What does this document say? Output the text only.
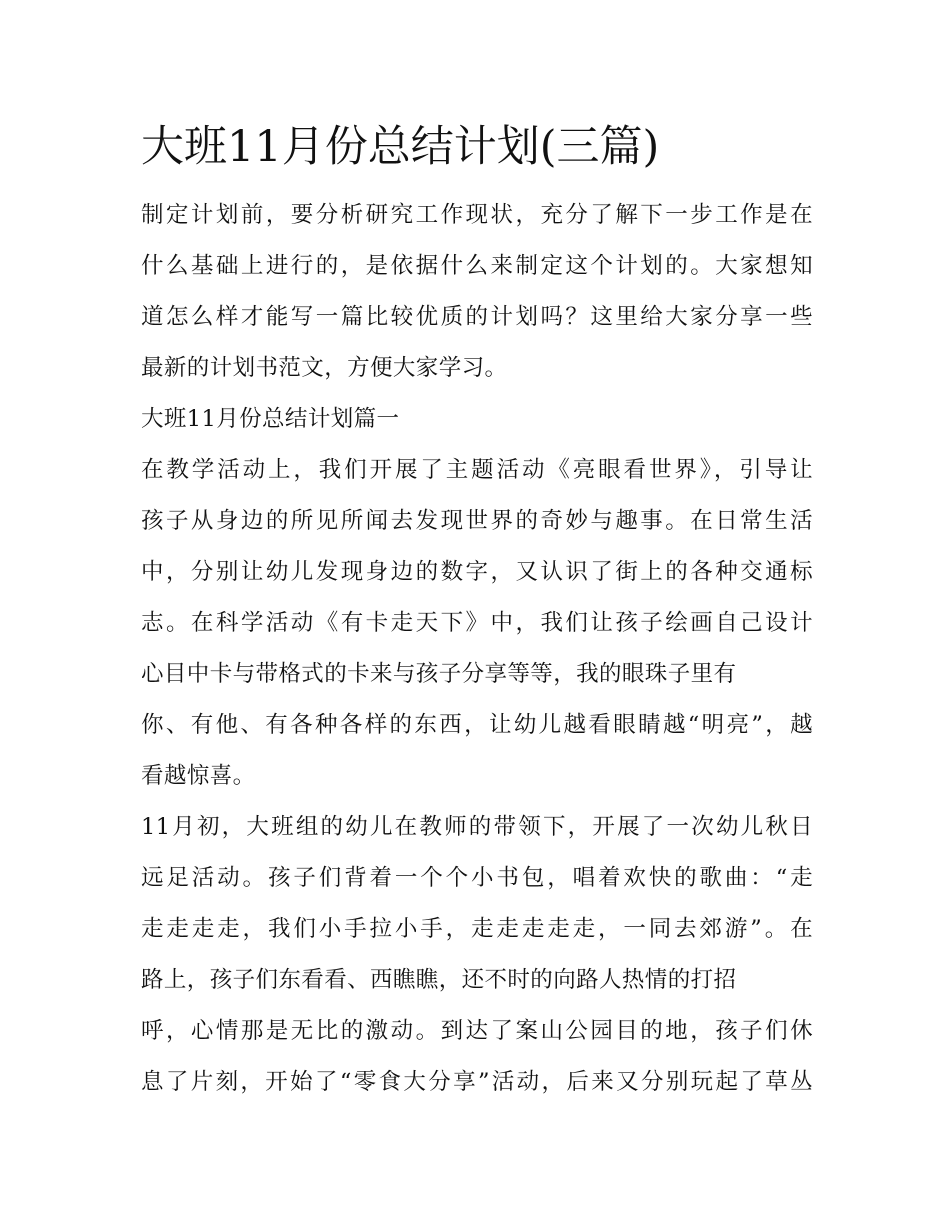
大班11月份总结计划(三篇)
制定计划前，要分析研究工作现状，充分了解下一步工作是在
什么基础上进行的，是依据什么来制定这个计划的。大家想知
道怎么样才能写一篇比较优质的计划吗？这里给大家分享一些
最新的计划书范文，方便大家学习。
大班11月份总结计划篇一
在教学活动上，我们开展了主题活动《亮眼看世界》，引导让
孩子从身边的所见所闻去发现世界的奇妙与趣事。在日常生活
中，分别让幼儿发现身边的数字，又认识了街上的各种交通标
志。在科学活动《有卡走天下》中，我们让孩子绘画自己设计
心目中卡与带格式的卡来与孩子分享等等，我的眼珠子里有
你、有他、有各种各样的东西，让幼儿越看眼睛越“明亮”，越
看越惊喜。
11月初，大班组的幼儿在教师的带领下，开展了一次幼儿秋日
远足活动。孩子们背着一个个小书包，唱着欢快的歌曲：“走
走走走走，我们小手拉小手，走走走走走，一同去郊游”。在
路上，孩子们东看看、西瞧瞧，还不时的向路人热情的打招
呼，心情那是无比的激动。到达了案山公园目的地，孩子们休
息了片刻，开始了“零食大分享”活动，后来又分别玩起了草丛
